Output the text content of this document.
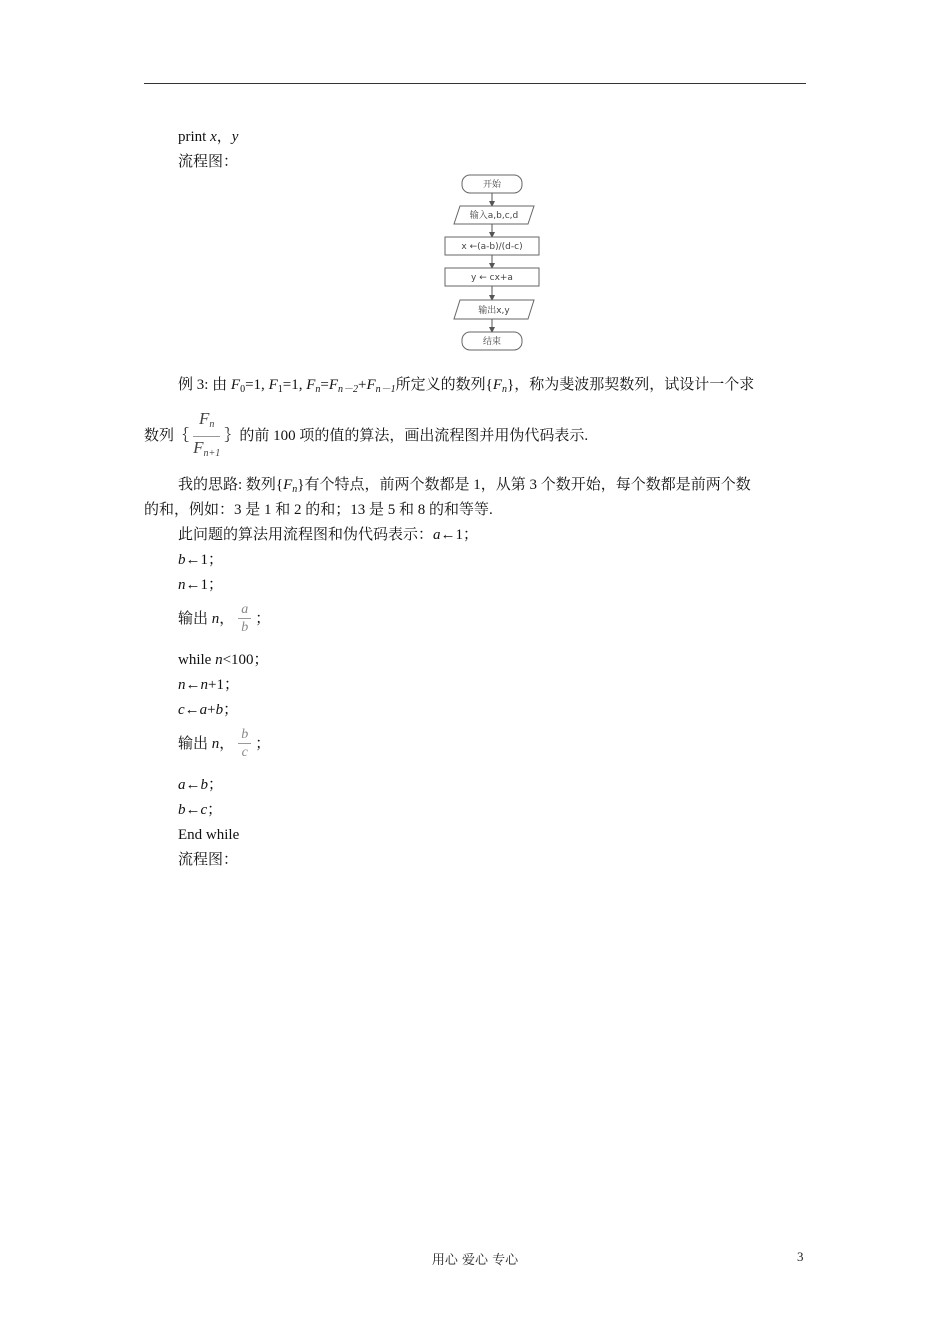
print x，y
流程图：
开始
输入a,b,c,d
x ←(a-b)/(d-c)
y ← cx+a
输出x,y
结束
例 3: 由 $F_0=1$, $F_1=1$, $F_n=F_{n-2}+F_{n-1}$所定义的数列$\{F_n\}$，称为斐波那契数列，试设计一个求
数列｛ $\frac{F_n}{F_{n+1}}$ ｝的前 100 项的值的算法，画出流程图并用伪代码表示.
我的思路: 数列$\{F_n\}$有个特点，前两个数都是 1，从第 3 个数开始，每个数都是前两个数
的和，例如：3 是 1 和 2 的和；13 是 5 和 8 的和等等.
此问题的算法用流程图和伪代码表示：a←1；
b←1；
n←1；
输出 n， $\frac{a}{b}$ ；
while n<100；
n←n+1；
c←a+b；
输出 n， $\frac{b}{c}$ ；
a←b；
b←c；
End while
流程图：
用心 爱心 专心	3
